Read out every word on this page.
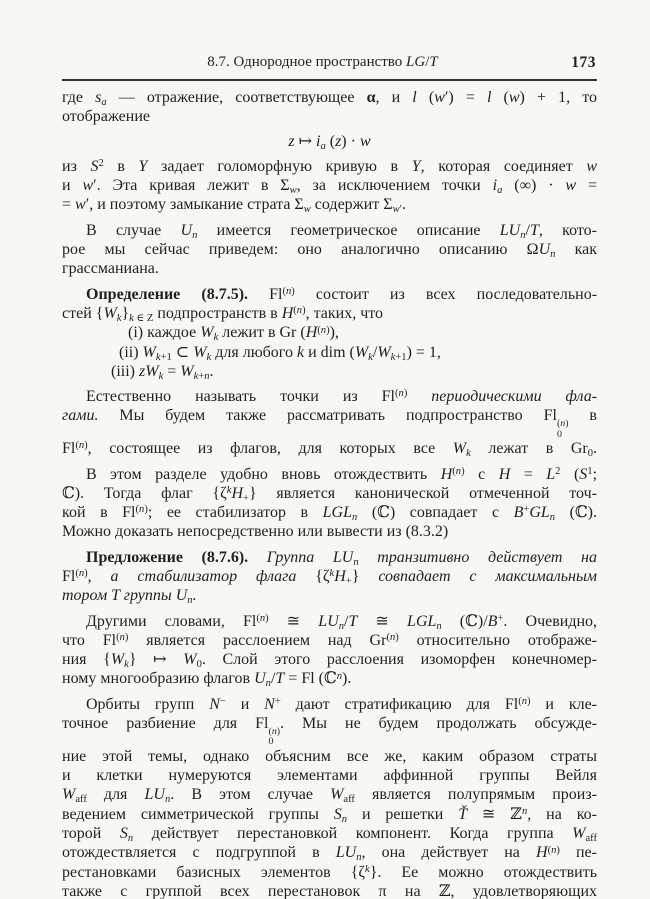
8.7. Однородное пространство LG/T	173
где $s_a$ — отражение, соответствующее α, и l (w′) = l (w) + 1, то
отображение
z ↦ $i_a$ (z) · w
из $S^2$ в Y задает голоморфную кривую в Y, которая соединяет w
и w′. Эта кривая лежит в $\Sigma_w$, за исключением точки $i_a$ (∞) · w =
= w′, и поэтому замыкание страта $\Sigma_w$ содержит $\Sigma_{w'}$.
В случае $U_n$ имеется геометрическое описание $LU_n/T$, кото-
рое мы сейчас приведем: оно аналогично описанию $\Omega U_n$ как
грассманиана.
Определение (8.7.5). Fl$^{(n)}$ состоит из всех последовательно-
стей $\{W_k\}_{k \in Z}$ подпространств в $H^{(n)}$, таких, что
(i) каждое $W_k$ лежит в Gr $(H^{(n)})$,
(ii) $W_{k+1}$ ⊂ $W_k$ для любого k и dim $(W_k/W_{k+1}) = 1$,
(iii) $zW_k = W_{k+n}$.
Естественно называть точки из Fl$^{(n)}$ периодическими фла-
гами. Мы будем также рассматривать подпространство Fl (n)
0
в
Fl$^{(n)}$, состоящее из флагов, для которых все $W_k$ лежат в $Gr_0$.
В этом разделе удобно вновь отождествить $H^{(n)}$ с $H = L^2$ ($S^1$;
ℂ). Тогда флаг $\{\zeta^kH_+\}$ является канонической отмеченной точ-
кой в Fl$^{(n)}$; ее стабилизатор в $LGL_n$ (ℂ) совпадает с $B^+GL_n$ (ℂ).
Можно доказать непосредственно или вывести из (8.3.2)
Предложение (8.7.6). Группа $LU_n$ транзитивно действует на
Fl$^{(n)}$, а стабилизатор флага $\{\zeta^kH_+\}$ совпадает с максимальным
тором T группы $U_n$.
Другими словами, Fl$^{(n)}$ ≅ $LU_n/T$ ≅ $LGL_n$ (ℂ)/B+. Очевидно,
что Fl$^{(n)}$ является расслоением над Gr$^{(n)}$ относительно отображе-
ния $\{W_k\}$ ↦ $W_0$. Слой этого расслоения изоморфен конечномер-
ному многообразию флагов $U_n/T = Fl$ (ℂ$^n$).
Орбиты групп N− и N+ дают стратификацию для Fl$^{(n)}$ и кле-
точное разбиение для Fl (n)
0
. Мы не будем продолжать обсужде-
ние этой темы, однако объясним все же, каким образом страты
и клетки нумеруются элементами аффинной группы Вейля
$W_{aff}$ для $LU_n$. В этом случае $W_{aff}$ является полупрямым произ-
ведением симметрической группы $S_n$ и решетки Ť ≅ ℤ$^n$, на ко-
торой $S_n$ действует перестановкой компонент. Когда группа $W_{aff}$
отождествляется с подгруппой в $LU_n$, она действует на $H^{(n)}$ пе-
рестановками базисных элементов $\{\zeta^k\}$. Ее можно отождествить
также с группой всех перестановок π на ℤ, удовлетворяющих
